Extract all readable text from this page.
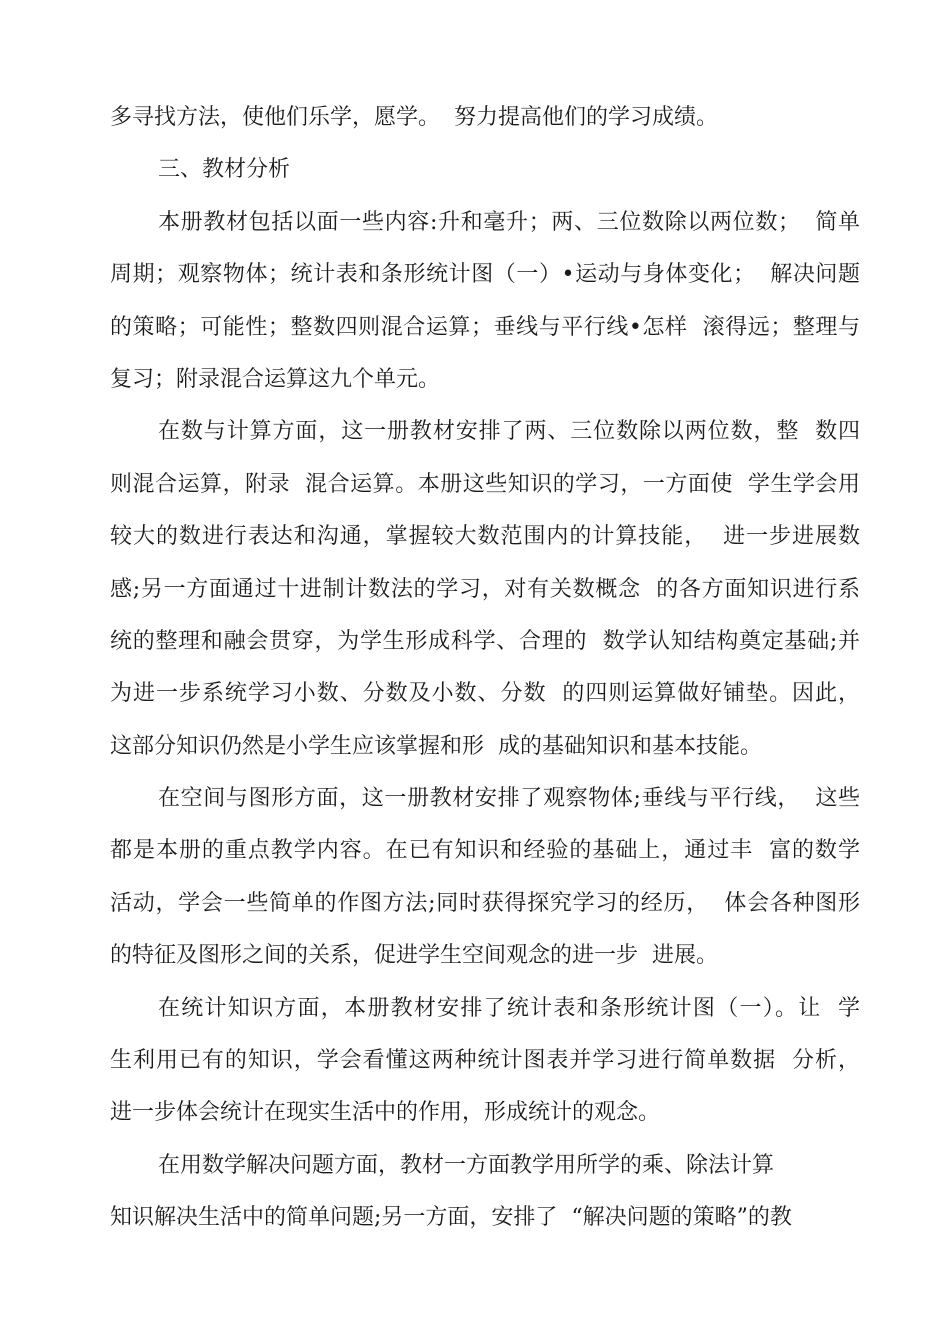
多寻找方法，使他们乐学，愿学。  努力提高他们的学习成绩。
三、教材分析
本册教材包括以面一些内容:升和毫升；两、三位数除以两位数；  简单
周期；观察物体；统计表和条形统计图（一）•运动与身体变化；  解决问题
的策略；可能性；整数四则混合运算；垂线与平行线•怎样  滚得远；整理与
复习；附录混合运算这九个单元。
在数与计算方面，这一册教材安排了两、三位数除以两位数，整  数四
则混合运算，附录  混合运算。本册这些知识的学习，一方面使  学生学会用
较大的数进行表达和沟通，掌握较大数范围内的计算技能，  进一步进展数
感;另一方面通过十进制计数法的学习，对有关数概念  的各方面知识进行系
统的整理和融会贯穿，为学生形成科学、合理的  数学认知结构奠定基础;并
为进一步系统学习小数、分数及小数、分数  的四则运算做好铺垫。因此，
这部分知识仍然是小学生应该掌握和形  成的基础知识和基本技能。
在空间与图形方面，这一册教材安排了观察物体;垂线与平行线，  这些
都是本册的重点教学内容。在已有知识和经验的基础上，通过丰  富的数学
活动，学会一些简单的作图方法;同时获得探究学习的经历，  体会各种图形
的特征及图形之间的关系，促进学生空间观念的进一步  进展。
在统计知识方面，本册教材安排了统计表和条形统计图（一）。让  学
生利用已有的知识，学会看懂这两种统计图表并学习进行简单数据  分析，
进一步体会统计在现实生活中的作用，形成统计的观念。
在用数学解决问题方面，教材一方面教学用所学的乘、除法计算
知识解决生活中的简单问题;另一方面，安排了  “解决问题的策略”的教
